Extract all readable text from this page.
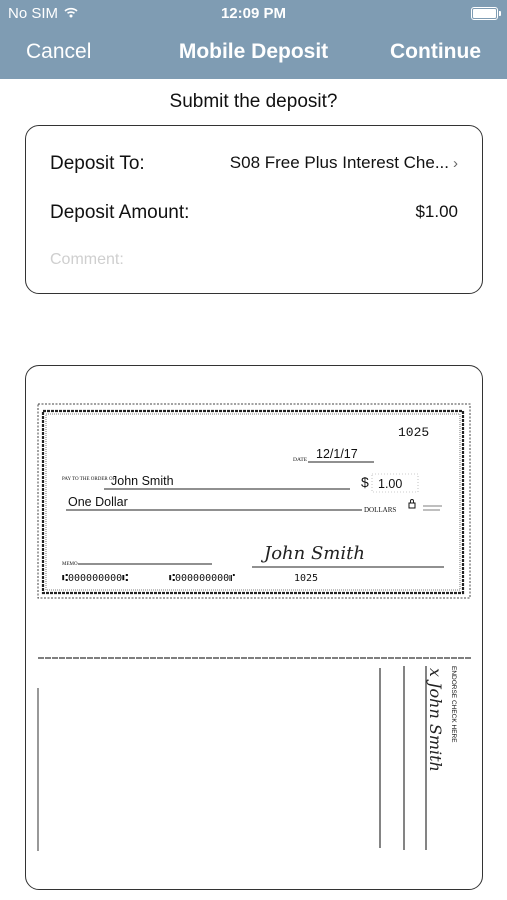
No SIM	12:09 PM
Cancel	Mobile Deposit	Continue
Submit the deposit?
Deposit To:	S08 Free Plus Interest Che... ›
Deposit Amount:	$1.00
Comment:
1025
DATE 12/1/17
PAY TO THE ORDER OF
John Smith	$ 1.00
One Dollar
DOLLARS
MEMO
John Smith
⑆000000000⑆	⑆000000000⑈	1025
ENDORSE CHECK HERE
x John Smith
